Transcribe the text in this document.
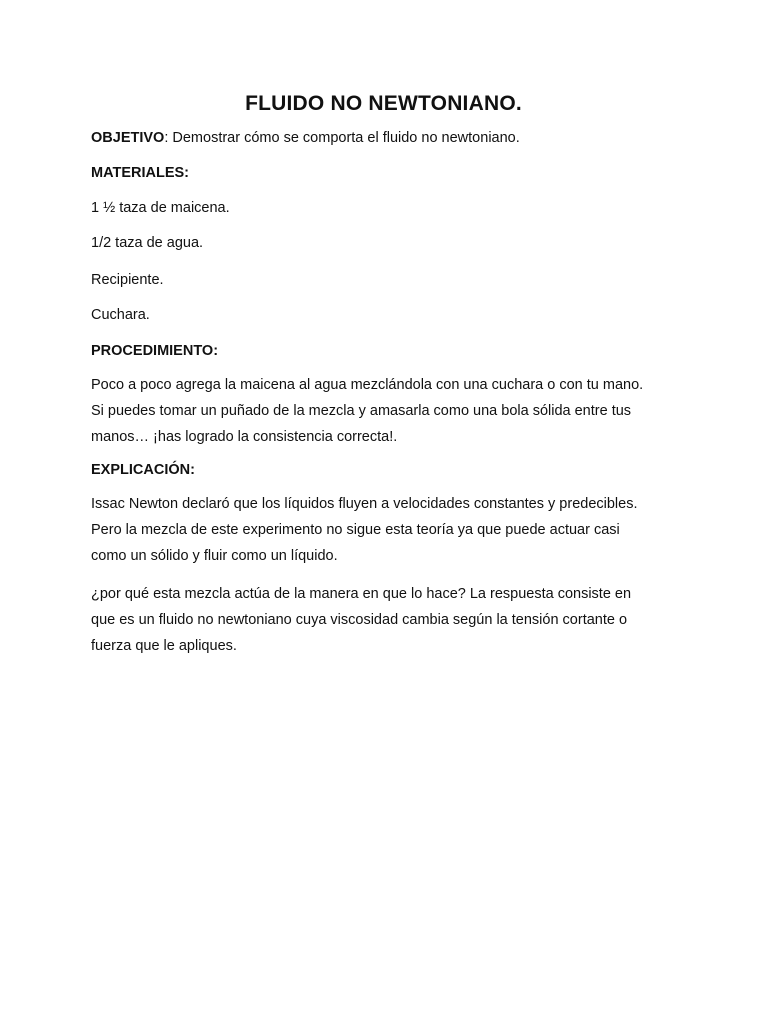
FLUIDO NO NEWTONIANO.
OBJETIVO: Demostrar cómo se comporta el fluido no newtoniano.
MATERIALES:
1 ½ taza de maicena.
1/2 taza de agua.
Recipiente.
Cuchara.
PROCEDIMIENTO:
Poco a poco agrega la maicena al agua mezclándola con una cuchara o con tu mano.
Si puedes tomar un puñado de la mezcla y amasarla como una bola sólida entre tus
manos… ¡has logrado la consistencia correcta!.
EXPLICACIÓN:
Issac Newton declaró que los líquidos fluyen a velocidades constantes y predecibles.
Pero la mezcla de este experimento no sigue esta teoría ya que puede actuar casi
como un sólido y fluir como un líquido.
¿por qué esta mezcla actúa de la manera en que lo hace? La respuesta consiste en
que es un fluido no newtoniano cuya viscosidad cambia según la tensión cortante o
fuerza que le apliques.
